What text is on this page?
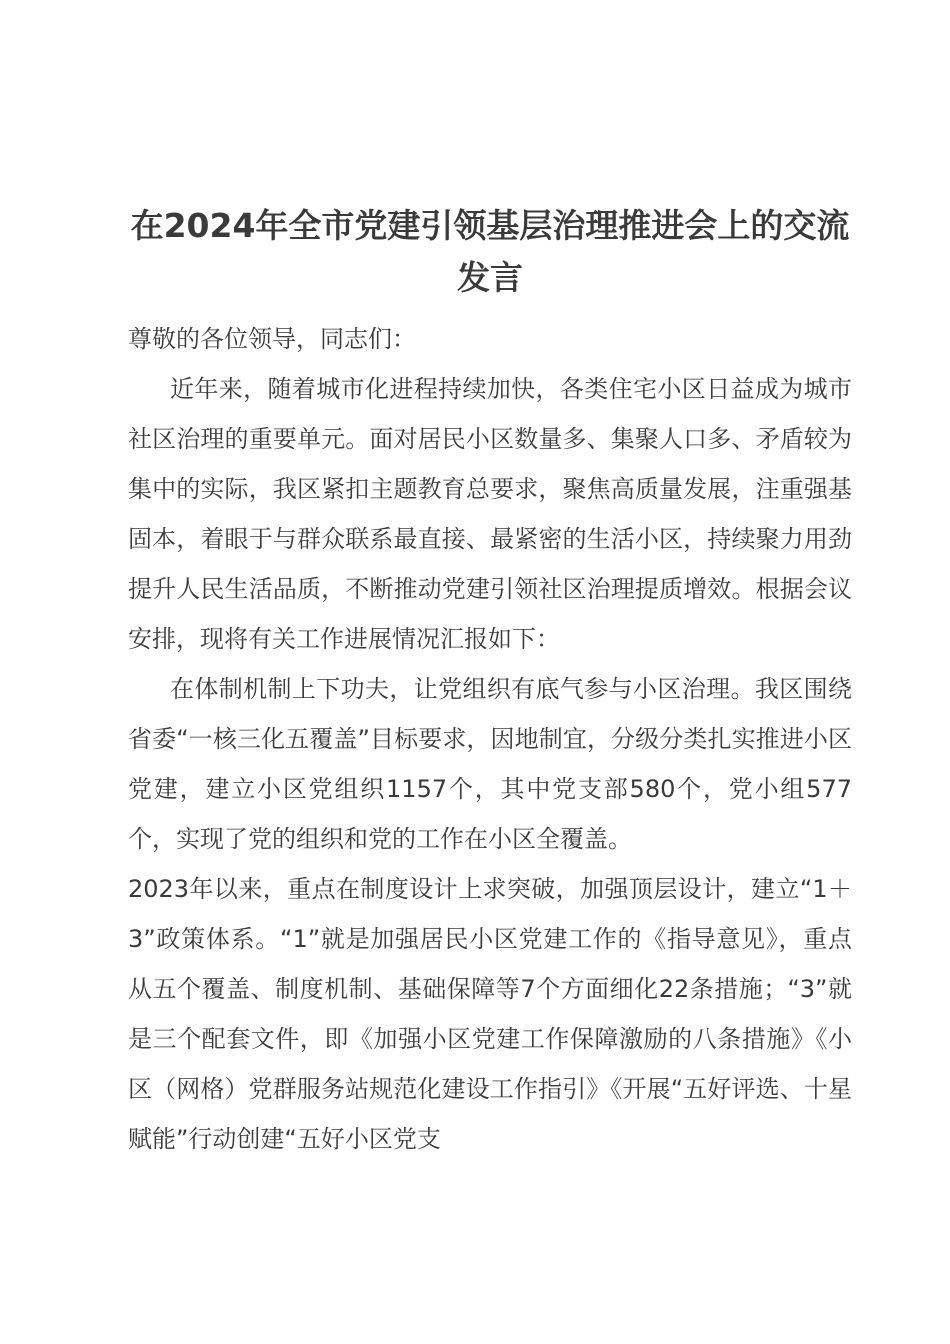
在2024年全市党建引领基层治理推进会上的交流发言

尊敬的各位领导，同志们：

近年来，随着城市化进程持续加快，各类住宅小区日益成为城市社区治理的重要单元。面对居民小区数量多、集聚人口多、矛盾较为集中的实际，我区紧扣主题教育总要求，聚焦高质量发展，注重强基固本，着眼于与群众联系最直接、最紧密的生活小区，持续聚力用劲提升人民生活品质，不断推动党建引领社区治理提质增效。根据会议安排，现将有关工作进展情况汇报如下：

在体制机制上下功夫，让党组织有底气参与小区治理。我区围绕省委“一核三化五覆盖”目标要求，因地制宜，分级分类扎实推进小区党建，建立小区党组织1157个，其中党支部580个，党小组577个，实现了党的组织和党的工作在小区全覆盖。

2023年以来，重点在制度设计上求突破，加强顶层设计，建立“1＋3”政策体系。“1”就是加强居民小区党建工作的《指导意见》，重点从五个覆盖、制度机制、基础保障等7个方面细化22条措施；“3”就是三个配套文件，即《加强小区党建工作保障激励的八条措施》《小区（网格）党群服务站规范化建设工作指引》《开展“五好评选、十星赋能”行动创建“五好小区党支
